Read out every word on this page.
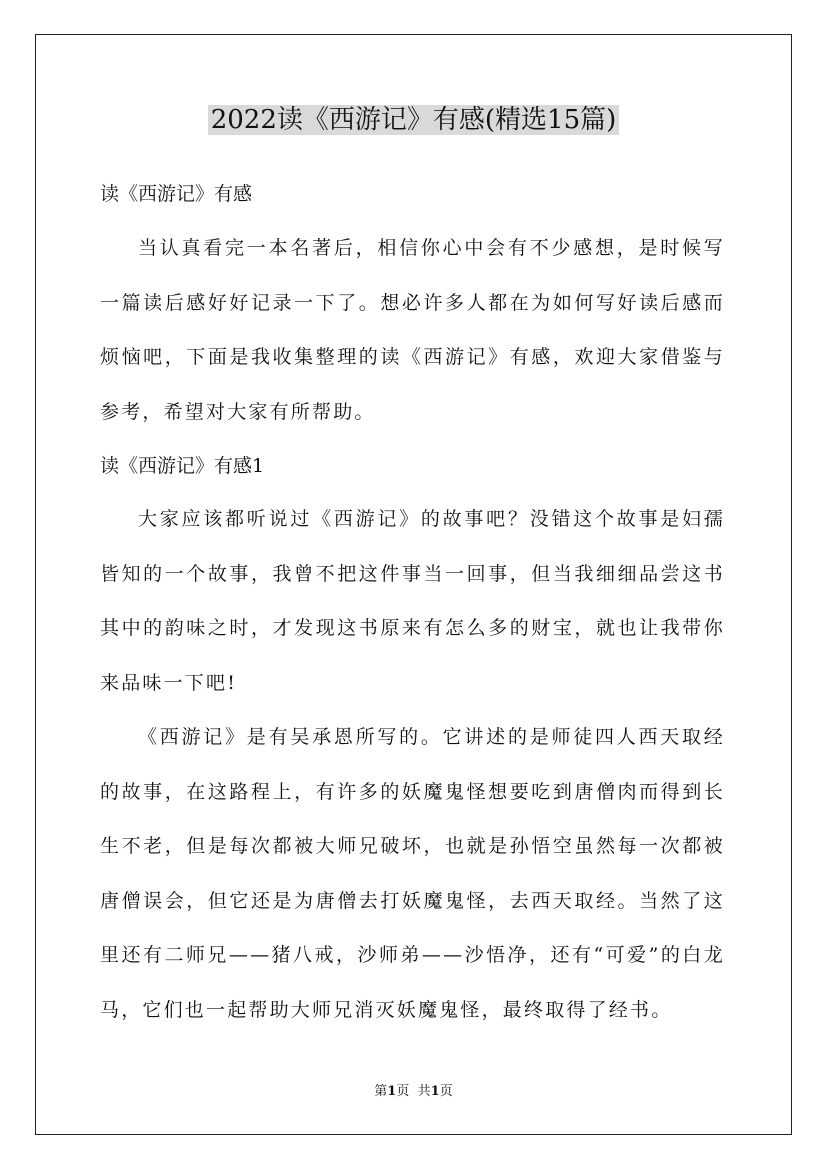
2022读《西游记》有感(精选15篇)
读《西游记》有感

当认真看完一本名著后，相信你心中会有不少感想，是时候写一篇读后感好好记录一下了。想必许多人都在为如何写好读后感而烦恼吧，下面是我收集整理的读《西游记》有感，欢迎大家借鉴与参考，希望对大家有所帮助。

读《西游记》有感1

大家应该都听说过《西游记》的故事吧？没错这个故事是妇孺皆知的一个故事，我曾不把这件事当一回事，但当我细细品尝这书其中的韵味之时，才发现这书原来有怎么多的财宝，就也让我带你来品味一下吧!

《西游记》是有吴承恩所写的。它讲述的是师徒四人西天取经的故事，在这路程上，有许多的妖魔鬼怪想要吃到唐僧肉而得到长生不老，但是每次都被大师兄破坏，也就是孙悟空虽然每一次都被唐僧误会，但它还是为唐僧去打妖魔鬼怪，去西天取经。当然了这里还有二师兄——猪八戒，沙师弟——沙悟净，还有“可爱”的白龙马，它们也一起帮助大师兄消灭妖魔鬼怪，最终取得了经书。

第1页 共1页
